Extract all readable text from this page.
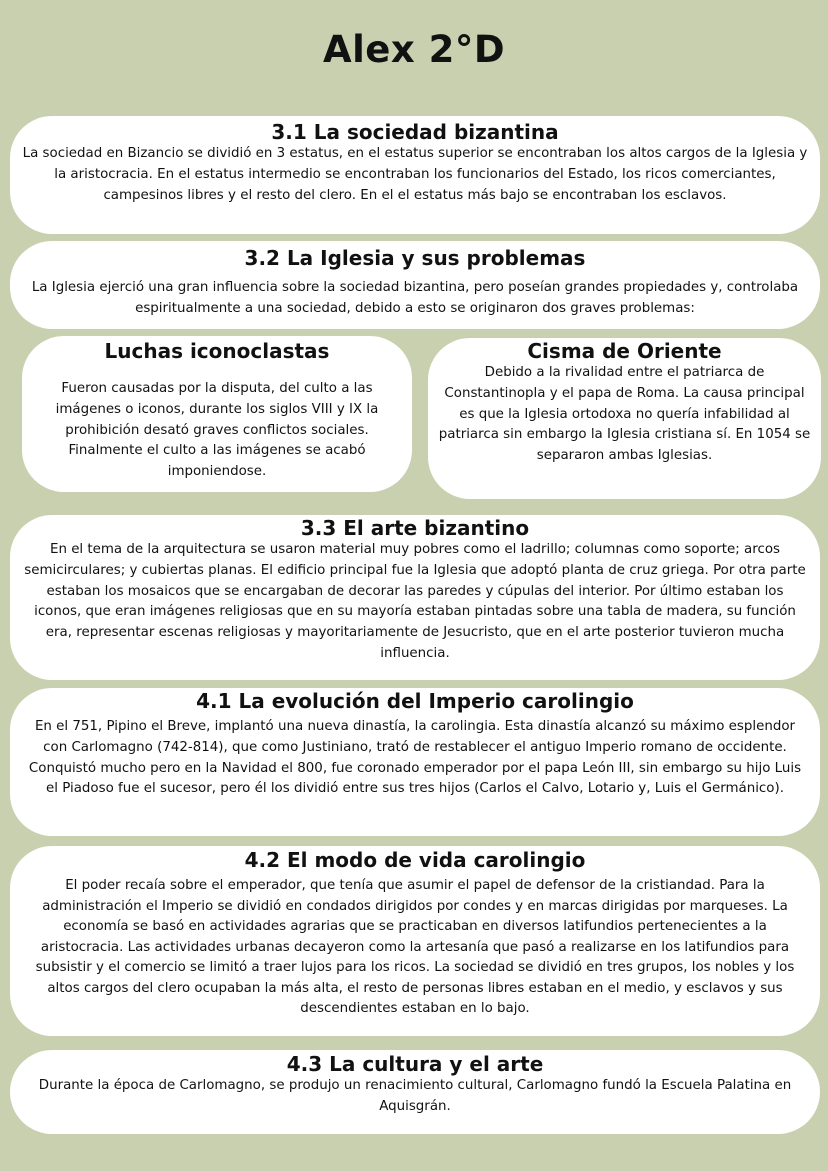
Alex 2°D
3.1 La sociedad bizantina

La sociedad en Bizancio se dividió en 3 estatus, en el estatus superior se encontraban los altos cargos de la Iglesia y la aristocracia. En el estatus intermedio se encontraban los funcionarios del Estado, los ricos comerciantes, campesinos libres y el resto del clero. En el el estatus más bajo se encontraban los esclavos.

3.2 La Iglesia y sus problemas

La Iglesia ejerció una gran influencia sobre la sociedad bizantina, pero poseían grandes propiedades y, controlaba espiritualmente a una sociedad, debido a esto se originaron dos graves problemas:

Luchas iconoclastas

Fueron causadas por la disputa, del culto a las imágenes o iconos, durante los siglos VIII y IX la prohibición desató graves conflictos sociales. Finalmente el culto a las imágenes se acabó imponiendose.

Cisma de Oriente

Debido a la rivalidad entre el patriarca de Constantinopla y el papa de Roma. La causa principal es que la Iglesia ortodoxa no quería infabilidad al patriarca sin embargo la Iglesia cristiana sí. En 1054 se separaron ambas Iglesias.

3.3 El arte bizantino

En el tema de la arquitectura se usaron material muy pobres como el ladrillo; columnas como soporte; arcos semicirculares; y cubiertas planas. El edificio principal fue la Iglesia que adoptó planta de cruz griega. Por otra parte estaban los mosaicos que se encargaban de decorar las paredes y cúpulas del interior. Por último estaban los iconos, que eran imágenes religiosas que en su mayoría estaban pintadas sobre una tabla de madera, su función era, representar escenas religiosas y mayoritariamente de Jesucristo, que en el arte posterior tuvieron mucha influencia.

4.1 La evolución del Imperio carolingio

En el 751, Pipino el Breve, implantó una nueva dinastía, la carolingia. Esta dinastía alcanzó su máximo esplendor con Carlomagno (742-814), que como Justiniano, trató de restablecer el antiguo Imperio romano de occidente. Conquistó mucho pero en la Navidad el 800, fue coronado emperador por el papa León III, sin embargo su hijo Luis el Piadoso fue el sucesor, pero él los dividió entre sus tres hijos (Carlos el Calvo, Lotario y, Luis el Germánico).

4.2 El modo de vida carolingio

El poder recaía sobre el emperador, que tenía que asumir el papel de defensor de la cristiandad. Para la administración el Imperio se dividió en condados dirigidos por condes y en marcas dirigidas por marqueses. La economía se basó en actividades agrarias que se practicaban en diversos latifundios pertenecientes a la aristocracia. Las actividades urbanas decayeron como la artesanía que pasó a realizarse en los latifundios para subsistir y el comercio se limitó a traer lujos para los ricos. La sociedad se dividió en tres grupos, los nobles y los altos cargos del clero ocupaban la más alta, el resto de personas libres estaban en el medio, y esclavos y sus descendientes estaban en lo bajo.

4.3 La cultura y el arte

Durante la época de Carlomagno, se produjo un renacimiento cultural, Carlomagno fundó la Escuela Palatina en Aquisgrán.
